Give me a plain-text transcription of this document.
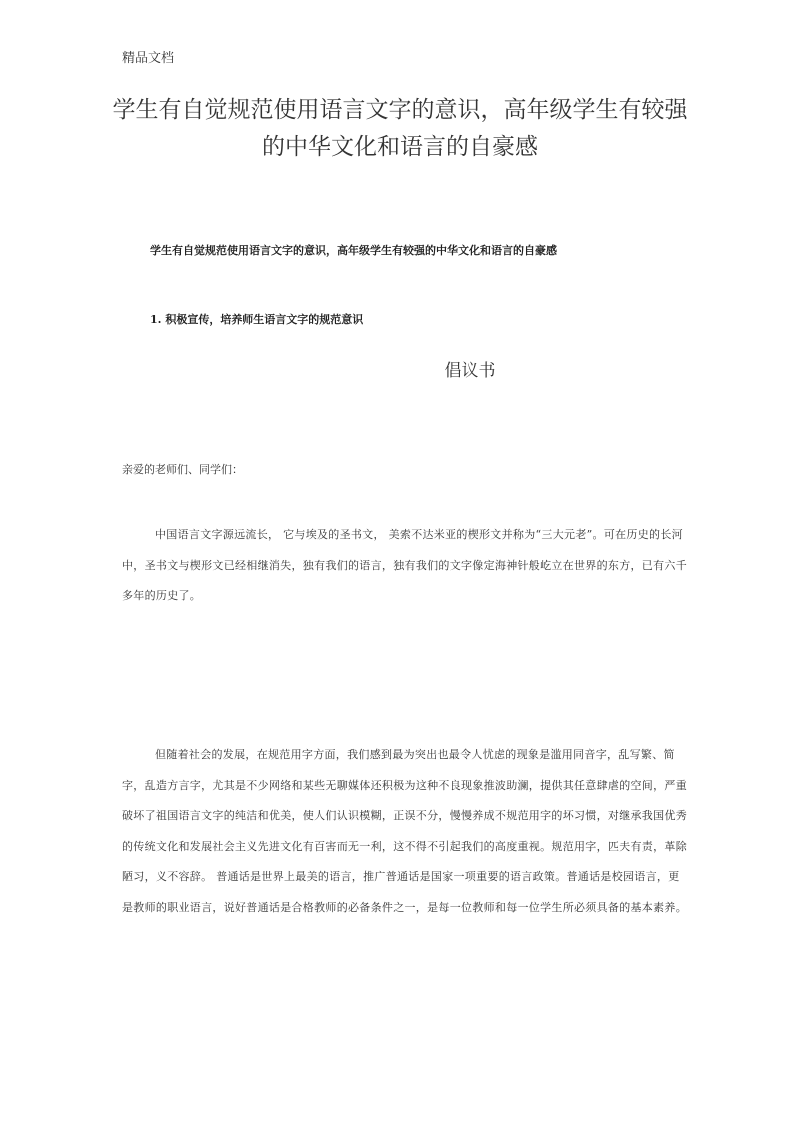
精品文档
学生有自觉规范使用语言文字的意识，高年级学生有较强的中华文化和语言的自豪感

学生有自觉规范使用语言文字的意识，高年级学生有较强的中华文化和语言的自豪感

1. 积极宣传，培养师生语言文字的规范意识

倡议书

亲爱的老师们、同学们：

中国语言文字源远流长， 它与埃及的圣书文， 美索不达米亚的楔形文并称为“三大元老”。可在历史的长河中，圣书文与楔形文已经相继消失，独有我们的语言，独有我们的文字像定海神针般屹立在世界的东方，已有六千多年的历史了。

但随着社会的发展，在规范用字方面，我们感到最为突出也最令人忧虑的现象是滥用同音字，乱写繁、简字，乱造方言字，尤其是不少网络和某些无聊媒体还积极为这种不良现象推波助澜，提供其任意肆虐的空间，严重破坏了祖国语言文字的纯洁和优美，使人们认识模糊，正误不分，慢慢养成不规范用字的坏习惯，对继承我国优秀的传统文化和发展社会主义先进文化有百害而无一利，这不得不引起我们的高度重视。规范用字，匹夫有责，革除陋习，义不容辞。 普通话是世界上最美的语言，推广普通话是国家一项重要的语言政策。普通话是校园语言，更是教师的职业语言，说好普通话是合格教师的必备条件之一，是每一位教师和每一位学生所必须具备的基本素养。
